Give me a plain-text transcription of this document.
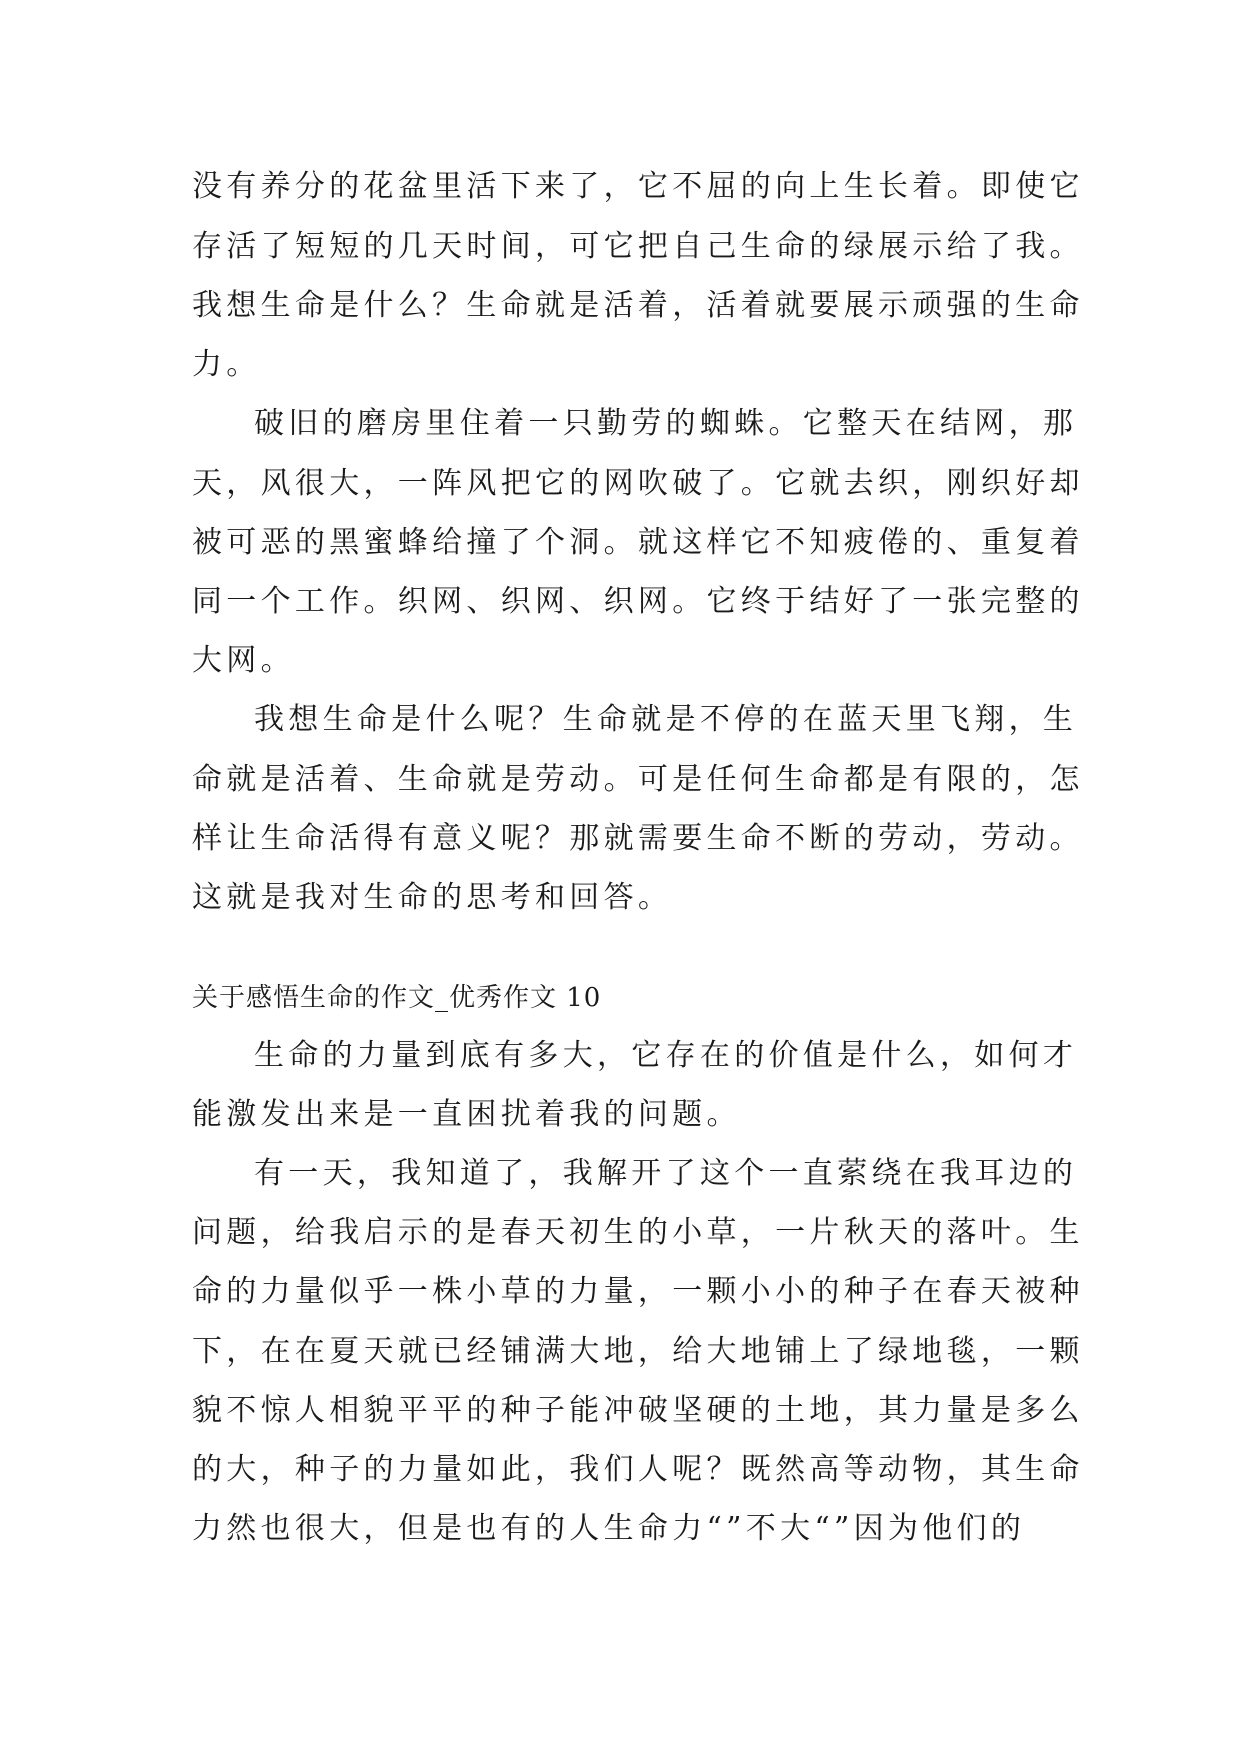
没有养分的花盆里活下来了，它不屈的向上生长着。即使它
存活了短短的几天时间，可它把自己生命的绿展示给了我。
我想生命是什么？生命就是活着，活着就要展示顽强的生命
力。
破旧的磨房里住着一只勤劳的蜘蛛。它整天在结网，那
天，风很大，一阵风把它的网吹破了。它就去织，刚织好却
被可恶的黑蜜蜂给撞了个洞。就这样它不知疲倦的、重复着
同一个工作。织网、织网、织网。它终于结好了一张完整的
大网。
我想生命是什么呢？生命就是不停的在蓝天里飞翔，生
命就是活着、生命就是劳动。可是任何生命都是有限的，怎
样让生命活得有意义呢？那就需要生命不断的劳动，劳动。
这就是我对生命的思考和回答。
关于感悟生命的作文_优秀作文 10
生命的力量到底有多大，它存在的价值是什么，如何才
能激发出来是一直困扰着我的问题。
有一天，我知道了，我解开了这个一直萦绕在我耳边的
问题，给我启示的是春天初生的小草，一片秋天的落叶。生
命的力量似乎一株小草的力量，一颗小小的种子在春天被种
下，在在夏天就已经铺满大地，给大地铺上了绿地毯，一颗
貌不惊人相貌平平的种子能冲破坚硬的土地，其力量是多么
的大，种子的力量如此，我们人呢？既然高等动物，其生命
力然也很大，但是也有的人生命力“”不大“”因为他们的
